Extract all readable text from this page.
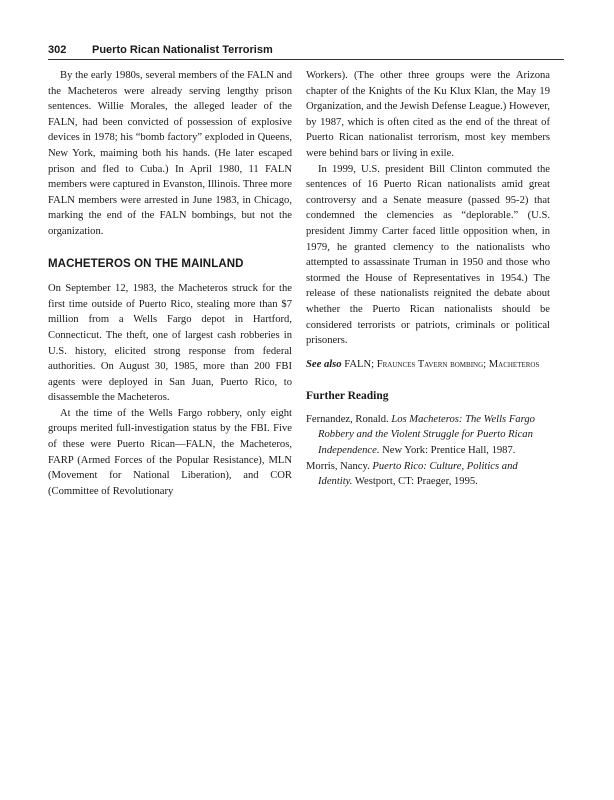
302 Puerto Rican Nationalist Terrorism

By the early 1980s, several members of the FALN and the Macheteros were already serving lengthy prison sentences. Willie Morales, the alleged leader of the FALN, had been convicted of possession of explosive devices in 1978; his “bomb factory” exploded in Queens, New York, maiming both his hands. (He later escaped prison and fled to Cuba.) In April 1980, 11 FALN members were captured in Evanston, Illinois. Three more FALN members were arrested in June 1983, in Chicago, marking the end of the FALN bombings, but not the organization.

MACHETEROS ON THE MAINLAND

On September 12, 1983, the Macheteros struck for the first time outside of Puerto Rico, stealing more than $7 million from a Wells Fargo depot in Hartford, Connecticut. The theft, one of largest cash robberies in U.S. history, elicited strong response from federal authorities. On August 30, 1985, more than 200 FBI agents were deployed in San Juan, Puerto Rico, to disassemble the Macheteros.

At the time of the Wells Fargo robbery, only eight groups merited full-investigation status by the FBI. Five of these were Puerto Rican—FALN, the Macheteros, FARP (Armed Forces of the Popular Resistance), MLN (Movement for National Liberation), and COR (Committee of Revolutionary

Workers). (The other three groups were the Arizona chapter of the Knights of the Ku Klux Klan, the May 19 Organization, and the Jewish Defense League.) However, by 1987, which is often cited as the end of the threat of Puerto Rican nationalist terrorism, most key members were behind bars or living in exile.

In 1999, U.S. president Bill Clinton commuted the sentences of 16 Puerto Rican nationalists amid great controversy and a Senate measure (passed 95-2) that condemned the clemencies as “deplorable.” (U.S. president Jimmy Carter faced little opposition when, in 1979, he granted clemency to the nationalists who attempted to assassinate Truman in 1950 and those who stormed the House of Representatives in 1954.) The release of these nationalists reignited the debate about whether the Puerto Rican nationalists should be considered terrorists or patriots, criminals or political prisoners.

See also FALN; Fraunces Tavern bombing; Macheteros

Further Reading

Fernandez, Ronald. Los Macheteros: The Wells Fargo Robbery and the Violent Struggle for Puerto Rican Independence. New York: Prentice Hall, 1987.

Morris, Nancy. Puerto Rico: Culture, Politics and Identity. Westport, CT: Praeger, 1995.
